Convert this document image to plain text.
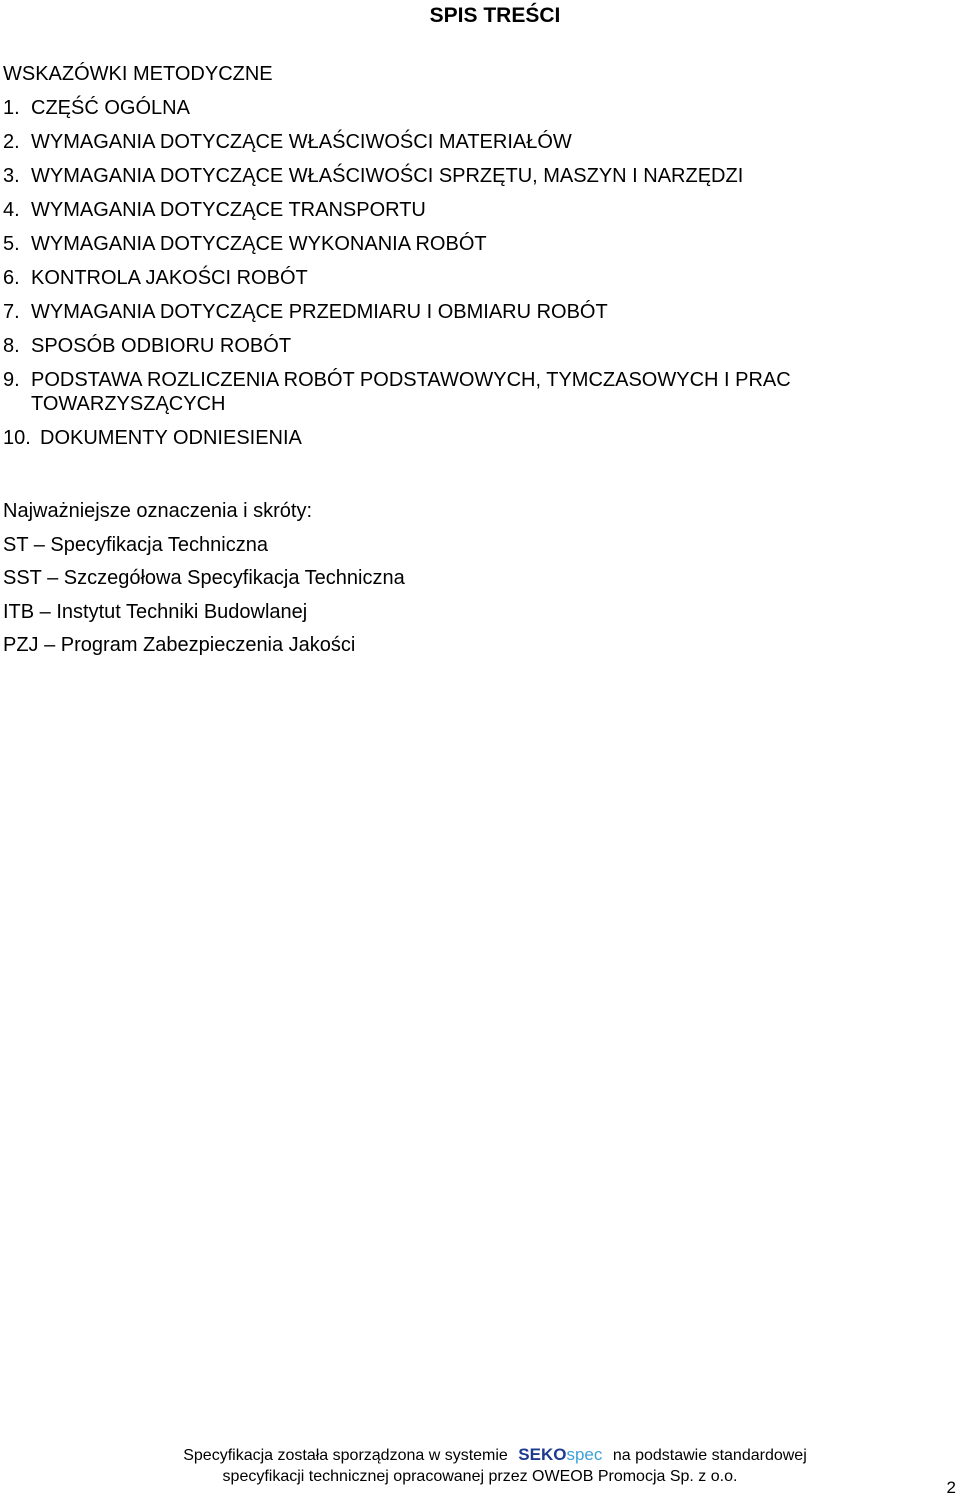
SPIS TREŚCI
WSKAZÓWKI METODYCZNE
1. CZĘŚĆ OGÓLNA
2. WYMAGANIA DOTYCZĄCE WŁAŚCIWOŚCI MATERIAŁÓW
3. WYMAGANIA DOTYCZĄCE WŁAŚCIWOŚCI SPRZĘTU, MASZYN I NARZĘDZI
4. WYMAGANIA DOTYCZĄCE TRANSPORTU
5. WYMAGANIA DOTYCZĄCE WYKONANIA ROBÓT
6. KONTROLA JAKOŚCI ROBÓT
7. WYMAGANIA DOTYCZĄCE PRZEDMIARU I OBMIARU ROBÓT
8. SPOSÓB ODBIORU ROBÓT
9. PODSTAWA ROZLICZENIA ROBÓT PODSTAWOWYCH, TYMCZASOWYCH I PRAC TOWARZYSZĄCYCH
10. DOKUMENTY ODNIESIENIA
Najważniejsze oznaczenia i skróty:
ST – Specyfikacja Techniczna
SST – Szczegółowa Specyfikacja Techniczna
ITB – Instytut Techniki Budowlanej
PZJ – Program Zabezpieczenia Jakości
Specyfikacja została sporządzona w systemie SEKOspec na podstawie standardowej
specyfikacji technicznej opracowanej przez OWEOB Promocja Sp. z o.o.
2
